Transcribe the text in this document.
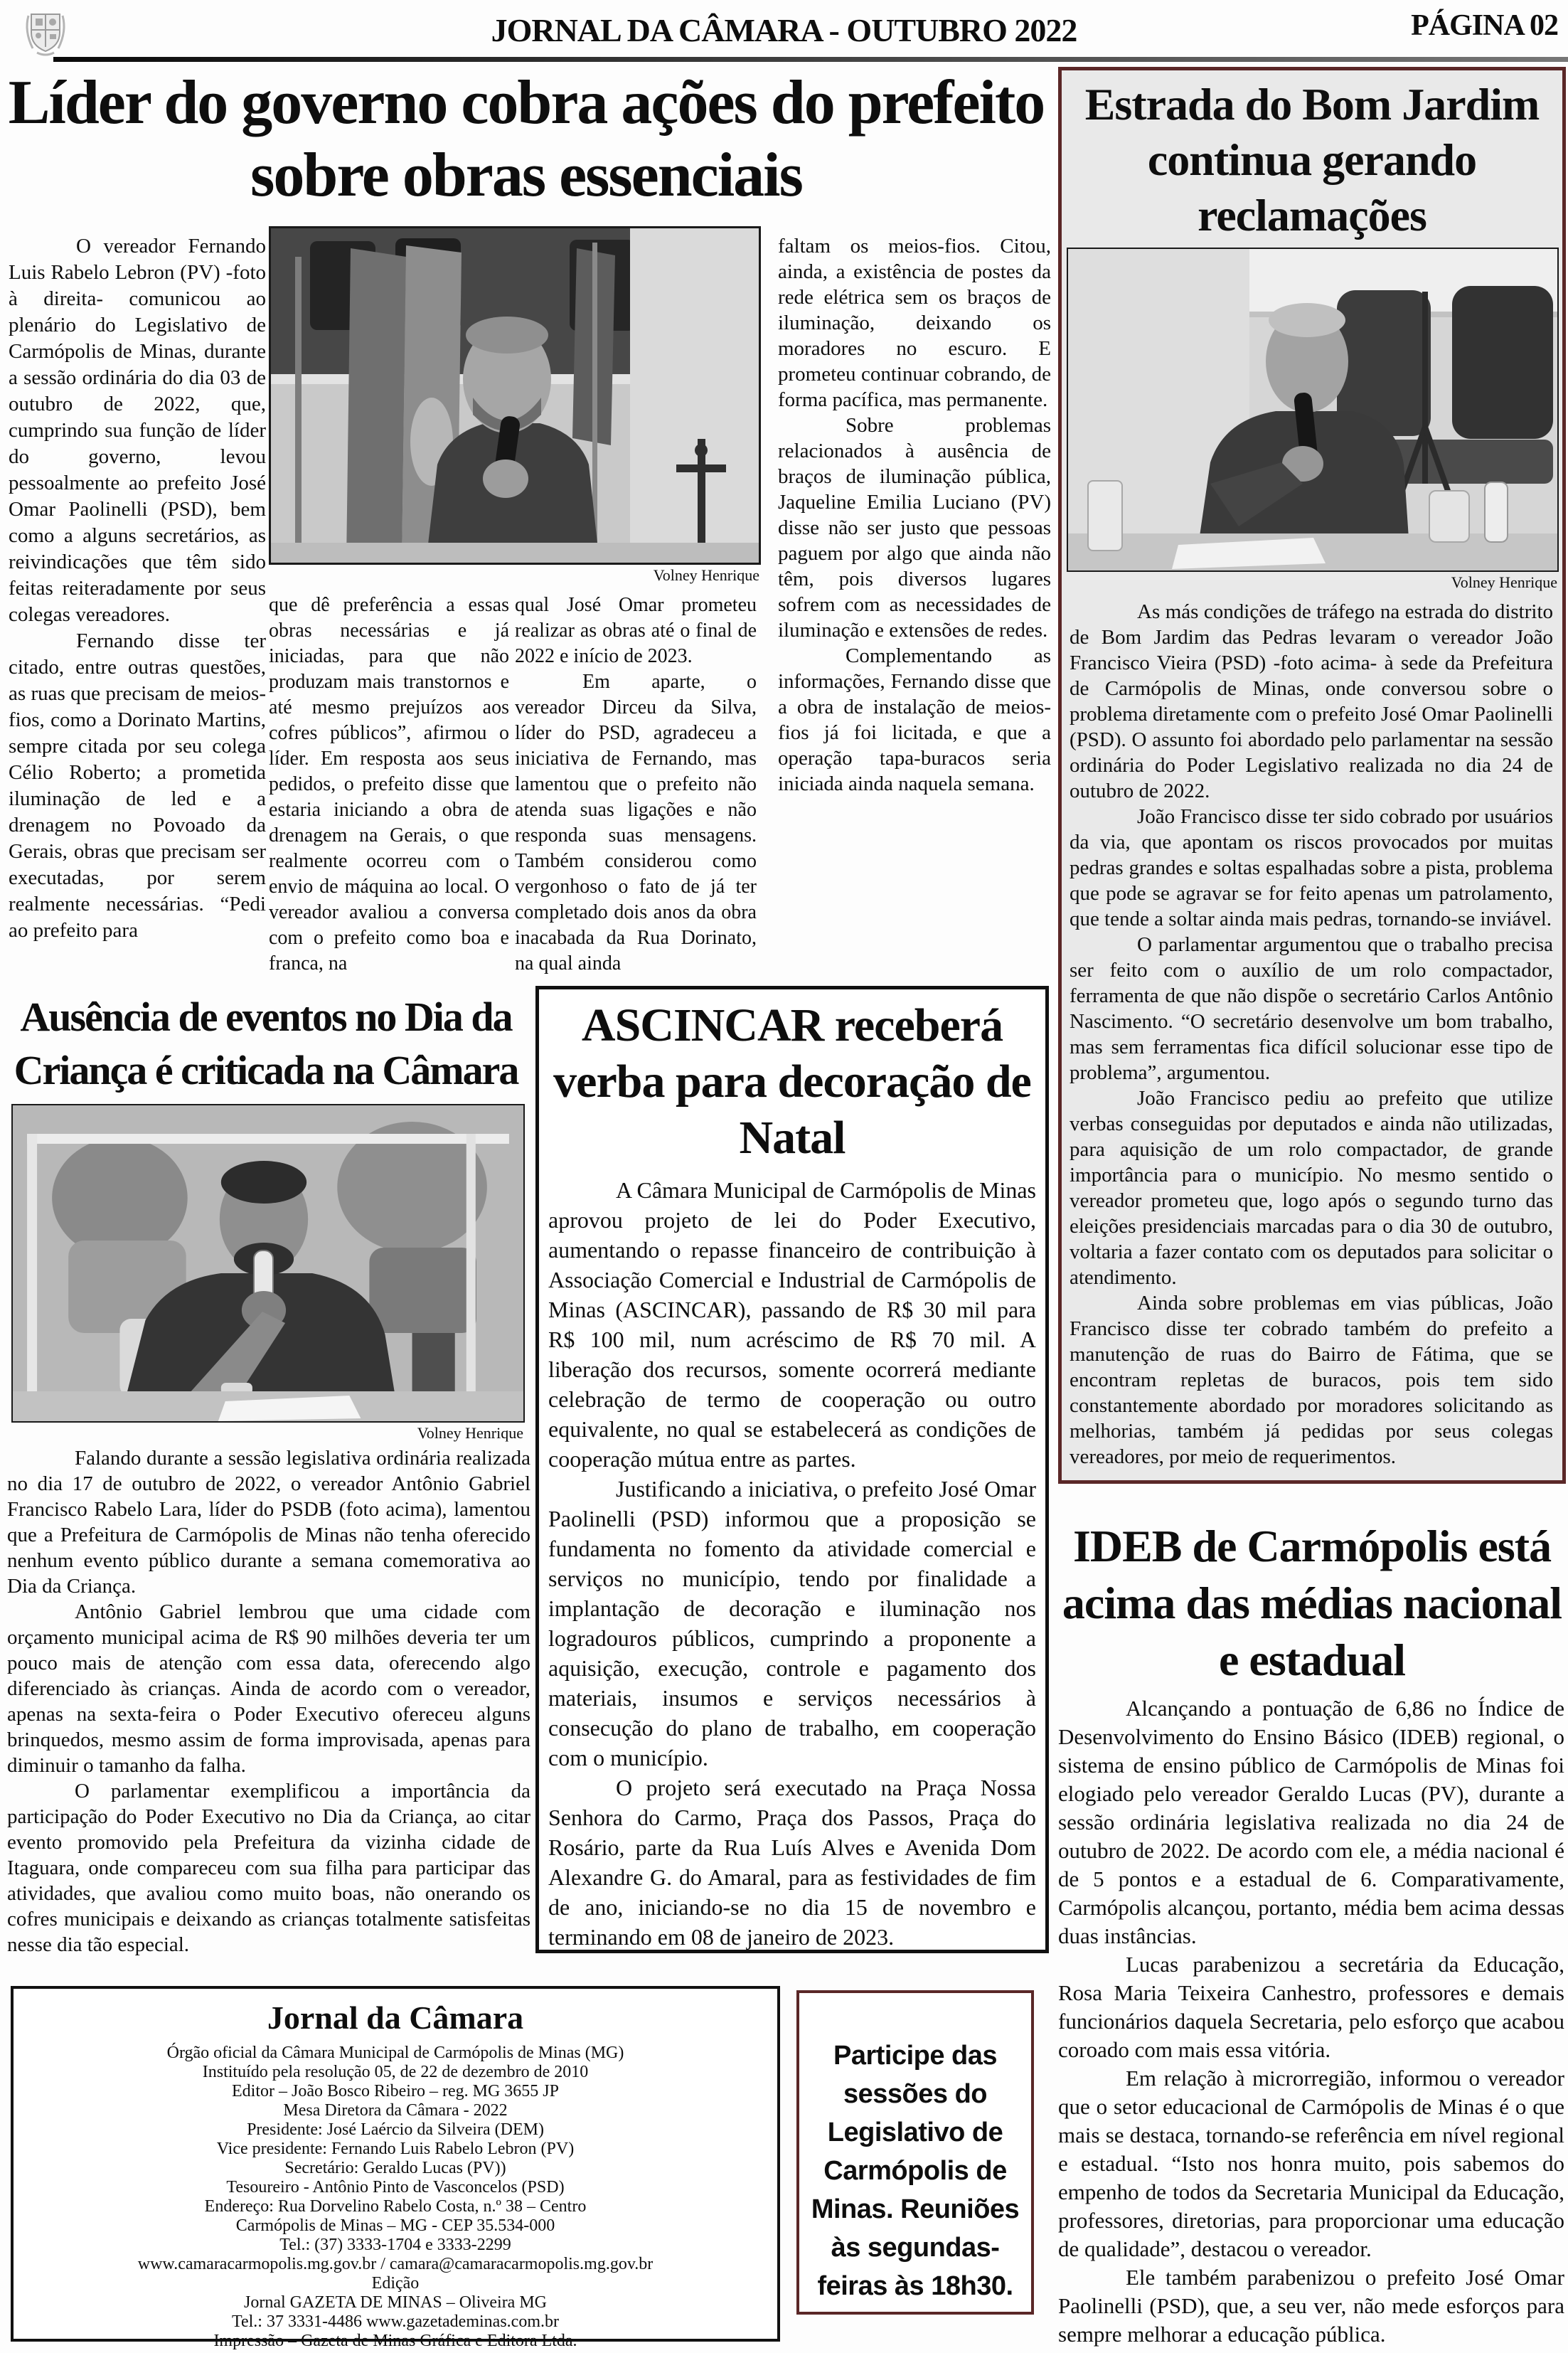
JORNAL DA CÂMARA - OUTUBRO 2022	PÁGINA 02
Líder do governo cobra ações do prefeito sobre obras essenciais

O vereador Fernando Luis Rabelo Lebron (PV) -foto à direita- comunicou ao plenário do Legislativo de Carmópolis de Minas, durante a sessão ordinária do dia 03 de outubro de 2022, que, cumprindo sua função de líder do governo, levou pessoalmente ao prefeito José Omar Paolinelli (PSD), bem como a alguns secretários, as reivindicações que têm sido feitas reiteradamente por seus colegas vereadores.

Fernando disse ter citado, entre outras questões, as ruas que precisam de meios-fios, como a Dorinato Martins, sempre citada por seu colega Célio Roberto; a prometida iluminação de led e a drenagem no Povoado da Gerais, obras que precisam ser executadas, por serem realmente necessárias. “Pedi ao prefeito para

Volney Henrique

que dê preferência a essas obras necessárias e já iniciadas, para que não produzam mais transtornos e até mesmo prejuízos aos cofres públicos”, afirmou o líder. Em resposta aos seus pedidos, o prefeito disse que estaria iniciando a obra de drenagem na Gerais, o que realmente ocorreu com o envio de máquina ao local. O vereador avaliou a conversa com o prefeito como boa e franca, na

qual José Omar prometeu realizar as obras até o final de 2022 e início de 2023.

Em aparte, o vereador Dirceu da Silva, líder do PSD, agradeceu a iniciativa de Fernando, mas lamentou que o prefeito não atenda suas ligações e não responda suas mensagens. Também considerou como vergonhoso o fato de já ter completado dois anos da obra inacabada da Rua Dorinato, na qual ainda

faltam os meios-fios. Citou, ainda, a existência de postes da rede elétrica sem os braços de iluminação, deixando os moradores no escuro. E prometeu continuar cobrando, de forma pacífica, mas permanente.

Sobre problemas relacionados à ausência de braços de iluminação pública, Jaqueline Emilia Luciano (PV) disse não ser justo que pessoas paguem por algo que ainda não têm, pois diversos lugares sofrem com as necessidades de iluminação e extensões de redes.

Complementando as informações, Fernando disse que a obra de instalação de meios-fios já foi licitada, e que a operação tapa-buracos seria iniciada ainda naquela semana.

Estrada do Bom Jardim continua gerando reclamações
Volney Henrique

As más condições de tráfego na estrada do distrito de Bom Jardim das Pedras levaram o vereador João Francisco Vieira (PSD) -foto acima- à sede da Prefeitura de Carmópolis de Minas, onde conversou sobre o problema diretamente com o prefeito José Omar Paolinelli (PSD). O assunto foi abordado pelo parlamentar na sessão ordinária do Poder Legislativo realizada no dia 24 de outubro de 2022.

João Francisco disse ter sido cobrado por usuários da via, que apontam os riscos provocados por muitas pedras grandes e soltas espalhadas sobre a pista, problema que pode se agravar se for feito apenas um patrolamento, que tende a soltar ainda mais pedras, tornando-se inviável.

O parlamentar argumentou que o trabalho precisa ser feito com o auxílio de um rolo compactador, ferramenta de que não dispõe o secretário Carlos Antônio Nascimento. “O secretário desenvolve um bom trabalho, mas sem ferramentas fica difícil solucionar esse tipo de problema”, argumentou.

João Francisco pediu ao prefeito que utilize verbas conseguidas por deputados e ainda não utilizadas, para aquisição de um rolo compactador, de grande importância para o município. No mesmo sentido o vereador prometeu que, logo após o segundo turno das eleições presidenciais marcadas para o dia 30 de outubro, voltaria a fazer contato com os deputados para solicitar o atendimento.

Ainda sobre problemas em vias públicas, João Francisco disse ter cobrado também do prefeito a manutenção de ruas do Bairro de Fátima, que se encontram repletas de buracos, pois tem sido constantemente abordado por moradores solicitando as melhorias, também já pedidas por seus colegas vereadores, por meio de requerimentos.

Ausência de eventos no Dia da Criança é criticada na Câmara
Volney Henrique

Falando durante a sessão legislativa ordinária realizada no dia 17 de outubro de 2022, o vereador Antônio Gabriel Francisco Rabelo Lara, líder do PSDB (foto acima), lamentou que a Prefeitura de Carmópolis de Minas não tenha oferecido nenhum evento público durante a semana comemorativa ao Dia da Criança.

Antônio Gabriel lembrou que uma cidade com orçamento municipal acima de R$ 90 milhões deveria ter um pouco mais de atenção com essa data, oferecendo algo diferenciado às crianças. Ainda de acordo com o vereador, apenas na sexta-feira o Poder Executivo ofereceu alguns brinquedos, mesmo assim de forma improvisada, apenas para diminuir o tamanho da falha.

O parlamentar exemplificou a importância da participação do Poder Executivo no Dia da Criança, ao citar evento promovido pela Prefeitura da vizinha cidade de Itaguara, onde compareceu com sua filha para participar das atividades, que avaliou como muito boas, não onerando os cofres municipais e deixando as crianças totalmente satisfeitas nesse dia tão especial.

ASCINCAR receberá verba para decoração de Natal

A Câmara Municipal de Carmópolis de Minas aprovou projeto de lei do Poder Executivo, aumentando o repasse financeiro de contribuição à Associação Comercial e Industrial de Carmópolis de Minas (ASCINCAR), passando de R$ 30 mil para R$ 100 mil, num acréscimo de R$ 70 mil. A liberação dos recursos, somente ocorrerá mediante celebração de termo de cooperação ou outro equivalente, no qual se estabelecerá as condições de cooperação mútua entre as partes.

Justificando a iniciativa, o prefeito José Omar Paolinelli (PSD) informou que a proposição se fundamenta no fomento da atividade comercial e serviços no município, tendo por finalidade a implantação de decoração e iluminação nos logradouros públicos, cumprindo a proponente a aquisição, execução, controle e pagamento dos materiais, insumos e serviços necessários à consecução do plano de trabalho, em cooperação com o município.

O projeto será executado na Praça Nossa Senhora do Carmo, Praça dos Passos, Praça do Rosário, parte da Rua Luís Alves e Avenida Dom Alexandre G. do Amaral, para as festividades de fim de ano, iniciando-se no dia 15 de novembro e terminando em 08 de janeiro de 2023.

IDEB de Carmópolis está acima das médias nacional e estadual

Alcançando a pontuação de 6,86 no Índice de Desenvolvimento do Ensino Básico (IDEB) regional, o sistema de ensino público de Carmópolis de Minas foi elogiado pelo vereador Geraldo Lucas (PV), durante a sessão ordinária legislativa realizada no dia 24 de outubro de 2022. De acordo com ele, a média nacional é de 5 pontos e a estadual de 6. Comparativamente, Carmópolis alcançou, portanto, média bem acima dessas duas instâncias.

Lucas parabenizou a secretária da Educação, Rosa Maria Teixeira Canhestro, professores e demais funcionários daquela Secretaria, pelo esforço que acabou coroado com mais essa vitória.

Em relação à microrregião, informou o vereador que o setor educacional de Carmópolis de Minas é o que mais se destaca, tornando-se referência em nível regional e estadual. “Isto nos honra muito, pois sabemos do empenho de todos da Secretaria Municipal da Educação, professores, diretorias, para proporcionar uma educação de qualidade”, destacou o vereador.

Ele também parabenizou o prefeito José Omar Paolinelli (PSD), que, a seu ver, não mede esforços para sempre melhorar a educação pública.

Jornal da Câmara
Órgão oficial da Câmara Municipal de Carmópolis de Minas (MG)
Instituído pela resolução 05, de 22 de dezembro de 2010
Editor – João Bosco Ribeiro – reg. MG 3655 JP
Mesa Diretora da Câmara - 2022
Presidente: José Laércio da Silveira (DEM)
Vice presidente: Fernando Luis Rabelo Lebron (PV)
Secretário: Geraldo Lucas (PV))
Tesoureiro - Antônio Pinto de Vasconcelos (PSD)
Endereço: Rua Dorvelino Rabelo Costa, n.º 38 – Centro
Carmópolis de Minas – MG - CEP 35.534-000
Tel.: (37) 3333-1704 e 3333-2299
www.camaracarmopolis.mg.gov.br / camara@camaracarmopolis.mg.gov.br
Edição
Jornal GAZETA DE MINAS – Oliveira MG
Tel.: 37 3331-4486 www.gazetademinas.com.br
Impressão – Gazeta de Minas Gráfica e Editora Ltda.
Participe das sessões do Legislativo de Carmópolis de Minas. Reuniões às segundas-feiras às 18h30.
